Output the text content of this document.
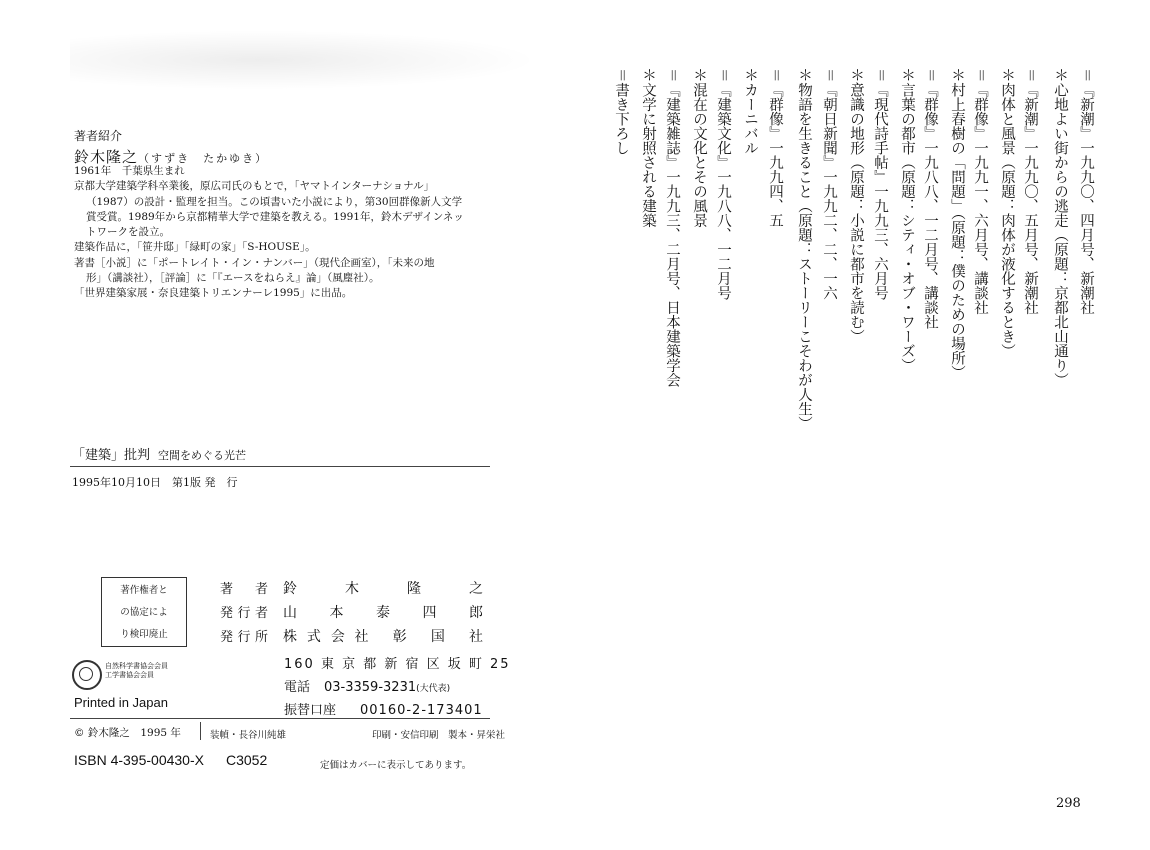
著者紹介
鈴木隆之（すずき　たかゆき）
1961年　千葉県生まれ
京都大学建築学科卒業後，原広司氏のもとで，「ヤマトインターナショナル」
（1987）の設計・監理を担当。この頃書いた小説により，第30回群像新人文学
賞受賞。1989年から京都精華大学で建築を教える。1991年，鈴木デザインネッ
トワークを設立。
建築作品に，「笹井邸」「緑町の家」「S-HOUSE」。
著書［小説］に「ポートレイト・イン・ナンバー」（現代企画室），「未来の地
形」（講談社），［評論］に「『エースをねらえ』論」（風塵社）。
「世界建築家展・奈良建築トリエンナーレ1995」に出品。
「建築」批判 空間をめぐる光芒
1995年10月10日　第1版 発　行
著作権者と
の協定によ
り検印廃止
著者 鈴木隆之
発行者 山本泰四郎
発行所 株式会社 彰 国 社
自然科学書協会会員
工学書協会会員
160 東 京 都 新 宿 区 坂 町 25
電話 03-3359-3231(大代表)
振替口座 00160-2-173401
Printed in Japan
© 鈴木隆之　1995 年	装幀・長谷川純雄	印刷・安信印刷　製本・昇栄社
ISBN 4-395-00430-X C3052	定価はカバーに表示してあります。
＝『新潮』一九九〇、四月号、新潮社
＊心地よい街からの逃走（原題：京都北山通り）
＝『新潮』一九九〇、五月号、新潮社
＊肉体と風景（原題：肉体が液化するとき）
＝『群像』一九九一、六月号、講談社
＊村上春樹の「問題」（原題：僕のための場所）
＝『群像』一九八八、一二月号、講談社
＊言葉の都市（原題：シティ・オブ・ワーズ）
＝『現代詩手帖』一九九三、六月号
＊意識の地形（原題：小説に都市を読む）
＝『朝日新聞』一九九二、二、一六
＊物語を生きること（原題：ストーリーこそわが人生）
＝『群像』一九九四、五
＊カーニバル
＝『建築文化』一九八八、一二月号
＊混在の文化とその風景
＝『建築雑誌』一九九三、二月号、日本建築学会
＊文学に射照される建築
＝書き下ろし
298
